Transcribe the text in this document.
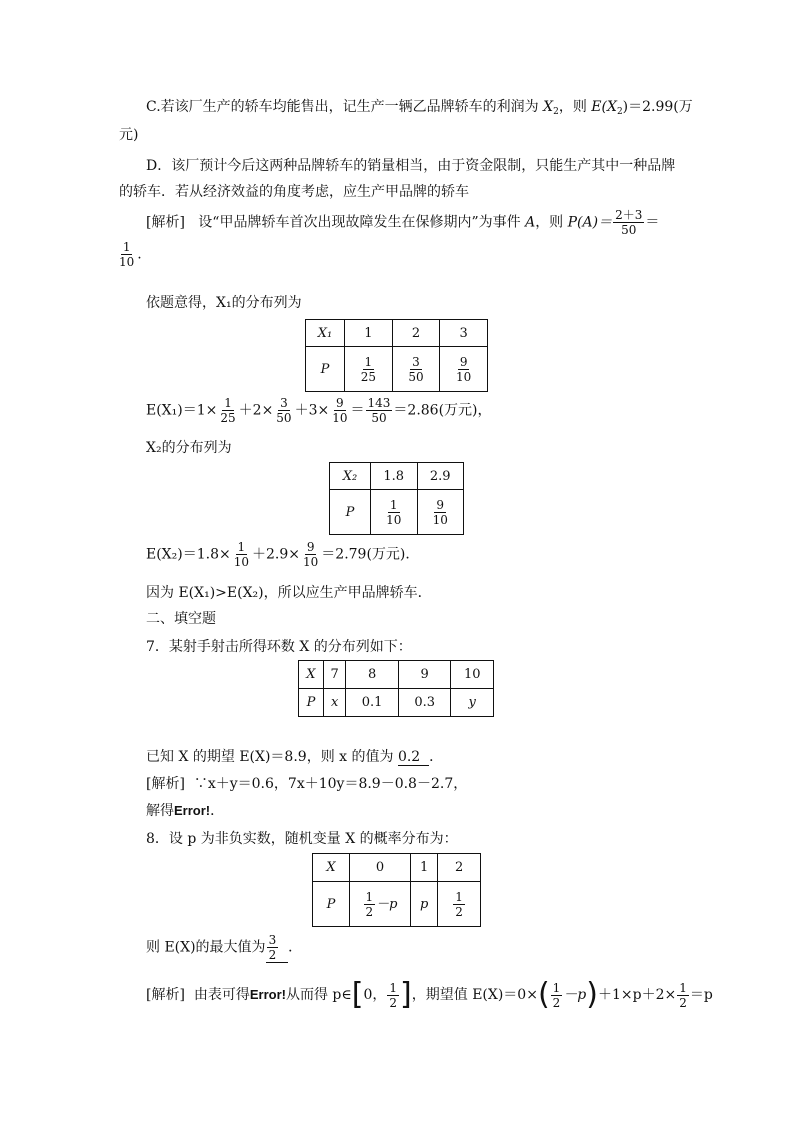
C.若该厂生产的轿车均能售出，记生产一辆乙品牌轿车的利润为 $X_2$，则 $E(X_2)=2.99$(万
元)
D．该厂预计今后这两种品牌轿车的销量相当，由于资金限制，只能生产其中一种品牌
的轿车．若从经济效益的角度考虑，应生产甲品牌的轿车
[解析] 设“甲品牌轿车首次出现故障发生在保修期内”为事件 A，则 $P(A)= \frac{2+3}{50}$ ＝
$\frac{1}{10}$ .
依题意得，X₁的分布列为
X₁	1	2	3
P	$\frac{1}{25}$	$\frac{3}{50}$	$\frac{9}{10}$
$E(X_1)=1\times \frac{1}{25} +2\times \frac{3}{50} +3\times \frac{9}{10} = \frac{143}{50} =2.86$(万元)，
X₂的分布列为
X₂	1.8	2.9
P	$\frac{1}{10}$	$\frac{9}{10}$
$E(X_2)=1.8\times \frac{1}{10} +2.9\times \frac{9}{10} =2.79$(万元)．
因为 E(X₁)>E(X₂)，所以应生产甲品牌轿车．
二、填空题
7．某射手射击所得环数 X 的分布列如下：
X	7	8	9	10
P	x	0.1	0.3	y
已知 X 的期望 E(X)＝8.9，则 x 的值为 0.2 ．
[解析] ∵x＋y＝0.6，7x＋10y＝8.9－0.8－2.7，
解得Error!．
8．设 p 为非负实数，随机变量 X 的概率分布为：
X	0	1	2
P	$\frac{1}{2} -p$	p	$\frac{1}{2}$
则 E(X)的最大值为 $\frac{3}{2}$ ．
[解析] 由表可得Error!从而得 p∈[0， $\frac{1}{2}$ ]，期望值 $E(X)=0\times( \frac{1}{2} -p)+1\times p+2\times \frac{1}{2} =p$
